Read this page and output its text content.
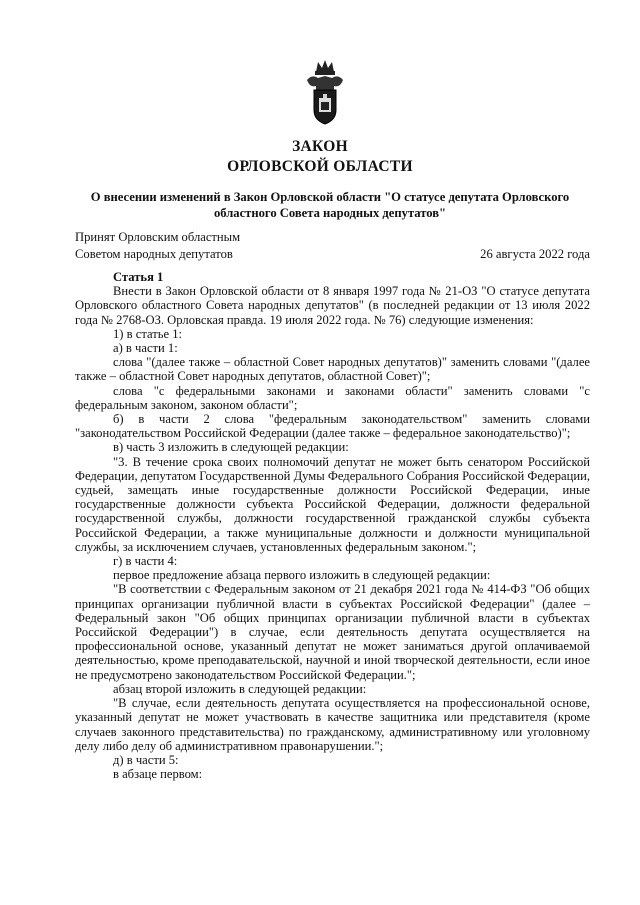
ЗАКОН
ОРЛОВСКОЙ ОБЛАСТИ
О внесении изменений в Закон Орловской области "О статусе депутата Орловского областного Совета народных депутатов"
Принят Орловским областным
Советом народных депутатов	26 августа 2022 года

Статья 1

Внести в Закон Орловской области от 8 января 1997 года № 21-ОЗ "О статусе депутата Орловского областного Совета народных депутатов" (в последней редакции от 13 июля 2022 года № 2768-ОЗ. Орловская правда. 19 июля 2022 года. № 76) следующие изменения:

1) в статье 1:

а) в части 1:

слова "(далее также – областной Совет народных депутатов)" заменить словами "(далее также – областной Совет народных депутатов, областной Совет)";

слова "с федеральными законами и законами области" заменить словами "с федеральным законом, законом области";

б) в части 2 слова "федеральным законодательством" заменить словами "законодательством Российской Федерации (далее также – федеральное законодательство)";

в) часть 3 изложить в следующей редакции:

"3. В течение срока своих полномочий депутат не может быть сенатором Российской Федерации, депутатом Государственной Думы Федерального Собрания Российской Федерации, судьей, замещать иные государственные должности Российской Федерации, иные государственные должности субъекта Российской Федерации, должности федеральной государственной службы, должности государственной гражданской службы субъекта Российской Федерации, а также муниципальные должности и должности муниципальной службы, за исключением случаев, установленных федеральным законом.";

г) в части 4:

первое предложение абзаца первого изложить в следующей редакции:

"В соответствии с Федеральным законом от 21 декабря 2021 года № 414-ФЗ "Об общих принципах организации публичной власти в субъектах Российской Федерации" (далее – Федеральный закон "Об общих принципах организации публичной власти в субъектах Российской Федерации") в случае, если деятельность депутата осуществляется на профессиональной основе, указанный депутат не может заниматься другой оплачиваемой деятельностью, кроме преподавательской, научной и иной творческой деятельности, если иное не предусмотрено законодательством Российской Федерации.";

абзац второй изложить в следующей редакции:

"В случае, если деятельность депутата осуществляется на профессиональной основе, указанный депутат не может участвовать в качестве защитника или представителя (кроме случаев законного представительства) по гражданскому, административному или уголовному делу либо делу об административном правонарушении.";

д) в части 5:

в абзаце первом:
